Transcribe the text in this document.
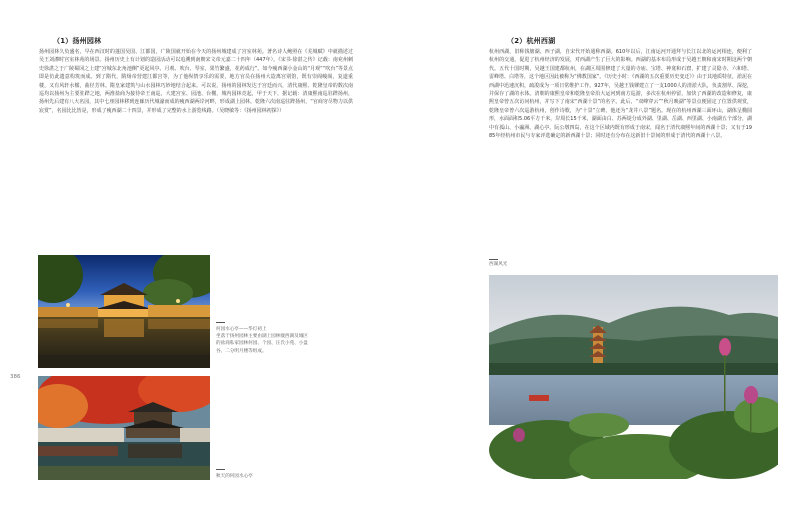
（1）扬州园林
扬州园林久负盛名，早在西汉时的蓬国吴国、江都国，广陵国就开始在今天的扬州城建成了宫室林苑。著名诗人鲍照在《芜城赋》中就描述过吴王刘濞时宫室林苑的场景。扬州历史上有计划的造园活动可以追溯到南朝宋文帝元嘉二十四年（447年）。《宋书·徐湛之传》记载：南兖州刺史徐湛之于广陵蜀冈之上建“宫城东北角池侧”更起风亭、月观、吹台、琴室，果竹繁盛，花药成行”。如今瘦西湖小金山的“月观”“吹台”等景点即是仿此遗意构筑而成。到了隋代，隋炀帝营建江都宫等，为了他纵情享乐的需要，地方官员在扬州大造离宫别馆，既有崇阁峻阁，复道重楼，又有风轩水槛，曲径芳林。隋皇家建筑与山水园林巧妙地结合起来。可以说，扬州的园林发达于宫廷而兴，清代康熙、乾隆皇帝的数次南巡均以扬州为主要驻跸之地，两淮盐商为接待帝王南巡，大建宫室、园池、台榭，城内园林竞起，甲于天下，据记载：清康熙南巡驻跸扬州，扬州先后建有八大名园，其中七座园林移到连廊历代城濠而成的瘦西湖两岸河畔，形成湖上园林。乾隆六次南巡驻跸扬州，“官商穷尽物力以供宸赏”，名园比比皆是，形成了瘦西湖二十四景，并形成了完整的水上游览线路。（吴晓敏等：《扬州园林初探》）
何园水心亭——华灯初上
坐落于扬州园林主要由湖上园林瘦西湖及城区的盐商私家园林何园、个园、汪氏小苑、小盘谷、二分明月楼等组成。
386
秋天的何园水心亭
（2）杭州西湖
杭州西湖，旧称钱塘湖、西子湖，自宋代开始通称西湖。610年以后，江南运河开通拜与长江以北的运河相连，便利了杭州的交通，促进了杭州经济的发展，对西湖产生了巨大的影响。西湖的基本布局形成于吴越王朝和南宋时期这两个朝代。五代十国时期，吴越王国建都杭州，在湖区周围修建了大量的寺庙、宝塔、神龛和石窟，扩建了灵隐寺、六和塔、雷峰塔、白塔等，这个地区因此被称为“佛教国家”。《历史小时：《西湖的五次重要历史变迁》》由于其地质特征，淤泥在西湖中迅速沉积，疏浚成为一项日常维护工作。927年，吴越王钱镠建立了一支1000人的清淤大队，负责割草、深挖，并保存了湖的水体。清朝的康熙皇帝和乾隆皇帝沿大运河到南方巡游，多次在杭州停留，加快了西湖的改造和修复，康熙皇帝曾五次访问杭州，并写下了南宋“西湖十景”的名字。此后，“双峰穿云”“秋月映湖”等景点便固定了位置供观赏，乾隆皇帝曾六次巡游杭州，创作诗歌，为“十景”立碑，他还为“龙井八景”题名。现在的杭州西湖三面环山，湖体呈椭圆形，水面面积5.06平方千米，岸周长15千米，湖面由白、苏两堤分成外湖、里湖、岳湖、西里湖、小南湖五个部分，湖中有孤山、小瀛洲、湖心亭、阮公墩四岛，在这个区域内既有形成于南宋，闻名于清代康熙年间的西湖十景；又有于1985年经杭州市民与专家评选确定的新西湖十景；同时还有分布在这新旧十景间的形成于清代的西湖十八景。
西湖风光
